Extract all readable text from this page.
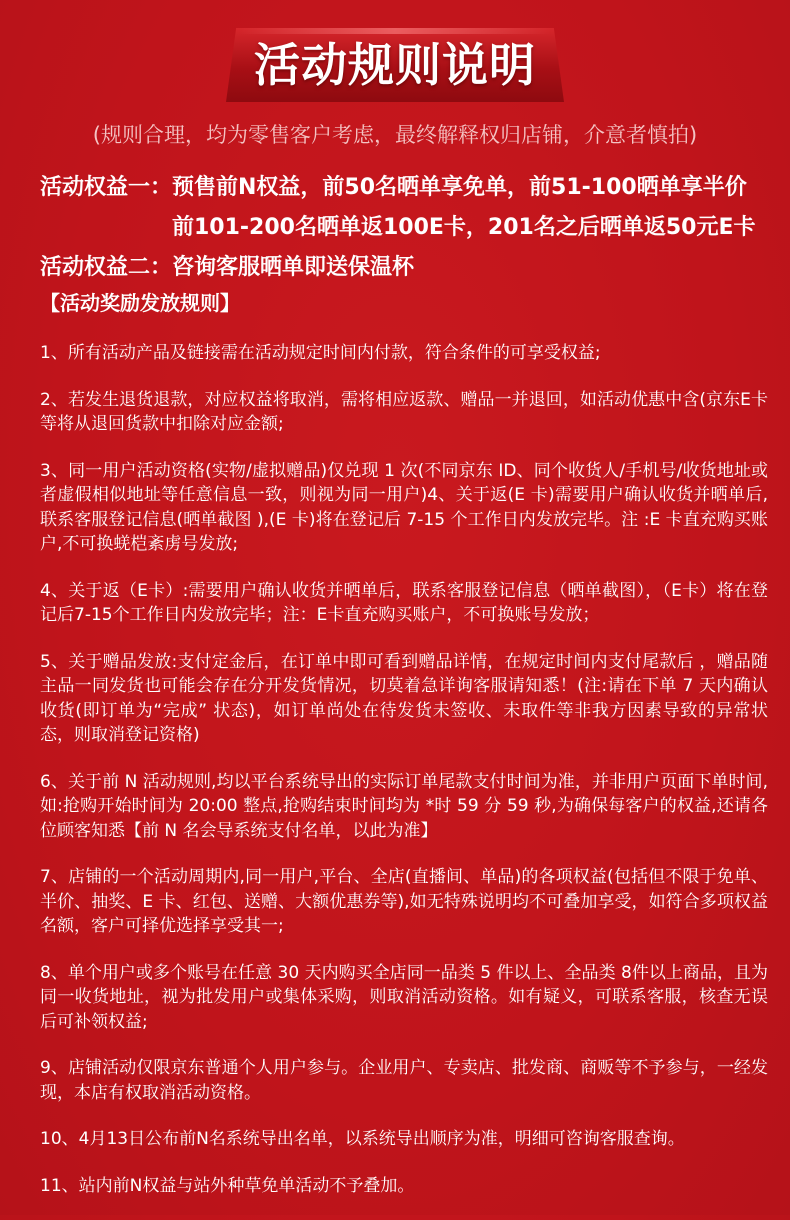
活动规则说明
(规则合理，均为零售客户考虑，最终解释权归店铺，介意者慎拍)
活动权益一： 预售前N权益，前50名晒单享免单，前51-100晒单享半价
前101-200名晒单返100E卡，201名之后晒单返50元E卡
活动权益二： 咨询客服晒单即送保温杯
【活动奖励发放规则】

1、所有活动产品及链接需在活动规定时间内付款，符合条件的可享受权益;

2、若发生退货退款，对应权益将取消，需将相应返款、赠品一并退回，如活动优惠中含(京东E卡等将从退回货款中扣除对应金额;

3、同一用户活动资格(实物/虚拟赠品)仅兑现 1 次(不同京东 ID、同个收货人/手机号/收货地址或者虚假相似地址等任意信息一致，则视为同一用户)4、关于返(E 卡)需要用户确认收货并晒单后,联系客服登记信息(晒单截图 ),(E 卡)将在登记后 7-15 个工作日内发放完毕。注 :E 卡直充购买账户,不可换蜣桤紊虏号发放;

4、关于返（E卡）:需要用户确认收货并晒单后，联系客服登记信息（晒单截图），（E卡）将在登记后7-15个工作日内发放完毕；注：E卡直充购买账户，不可换账号发放；

5、关于赠品发放:支付定金后，在订单中即可看到赠品详情，在规定时间内支付尾款后 ，赠品随主品一同发货也可能会存在分开发货情况，切莫着急详询客服请知悉！(注:请在下单 7 天内确认收货(即订单为“完成” 状态)，如订单尚处在待发货未签收、未取件等非我方因素导致的异常状态，则取消登记资格)

6、关于前 N 活动规则,均以平台系统导出的实际订单尾款支付时间为准，并非用户页面下单时间,如:抢购开始时间为 20:00 整点,抢购结束时间均为 *时 59 分 59 秒,为确保每客户的权益,还请各位顾客知悉【前 N 名会导系统支付名单，以此为准】

7、店铺的一个活动周期内,同一用户,平台、全店(直播间、单品)的各项权益(包括但不限于免单、半价、抽奖、E 卡、红包、送赠、大额优惠券等),如无特殊说明均不可叠加享受，如符合多项权益名额，客户可择优选择享受其一;

8、单个用户或多个账号在任意 30 天内购买全店同一品类 5 件以上、全品类 8件以上商品，且为同一收货地址，视为批发用户或集体采购，则取消活动资格。如有疑义，可联系客服，核查无误后可补领权益;

9、店铺活动仅限京东普通个人用户参与。企业用户、专卖店、批发商、商贩等不予参与，一经发现，本店有权取消活动资格。

10、4月13日公布前N名系统导出名单，以系统导出顺序为准，明细可咨询客服查询。

11、站内前N权益与站外种草免单活动不予叠加。
